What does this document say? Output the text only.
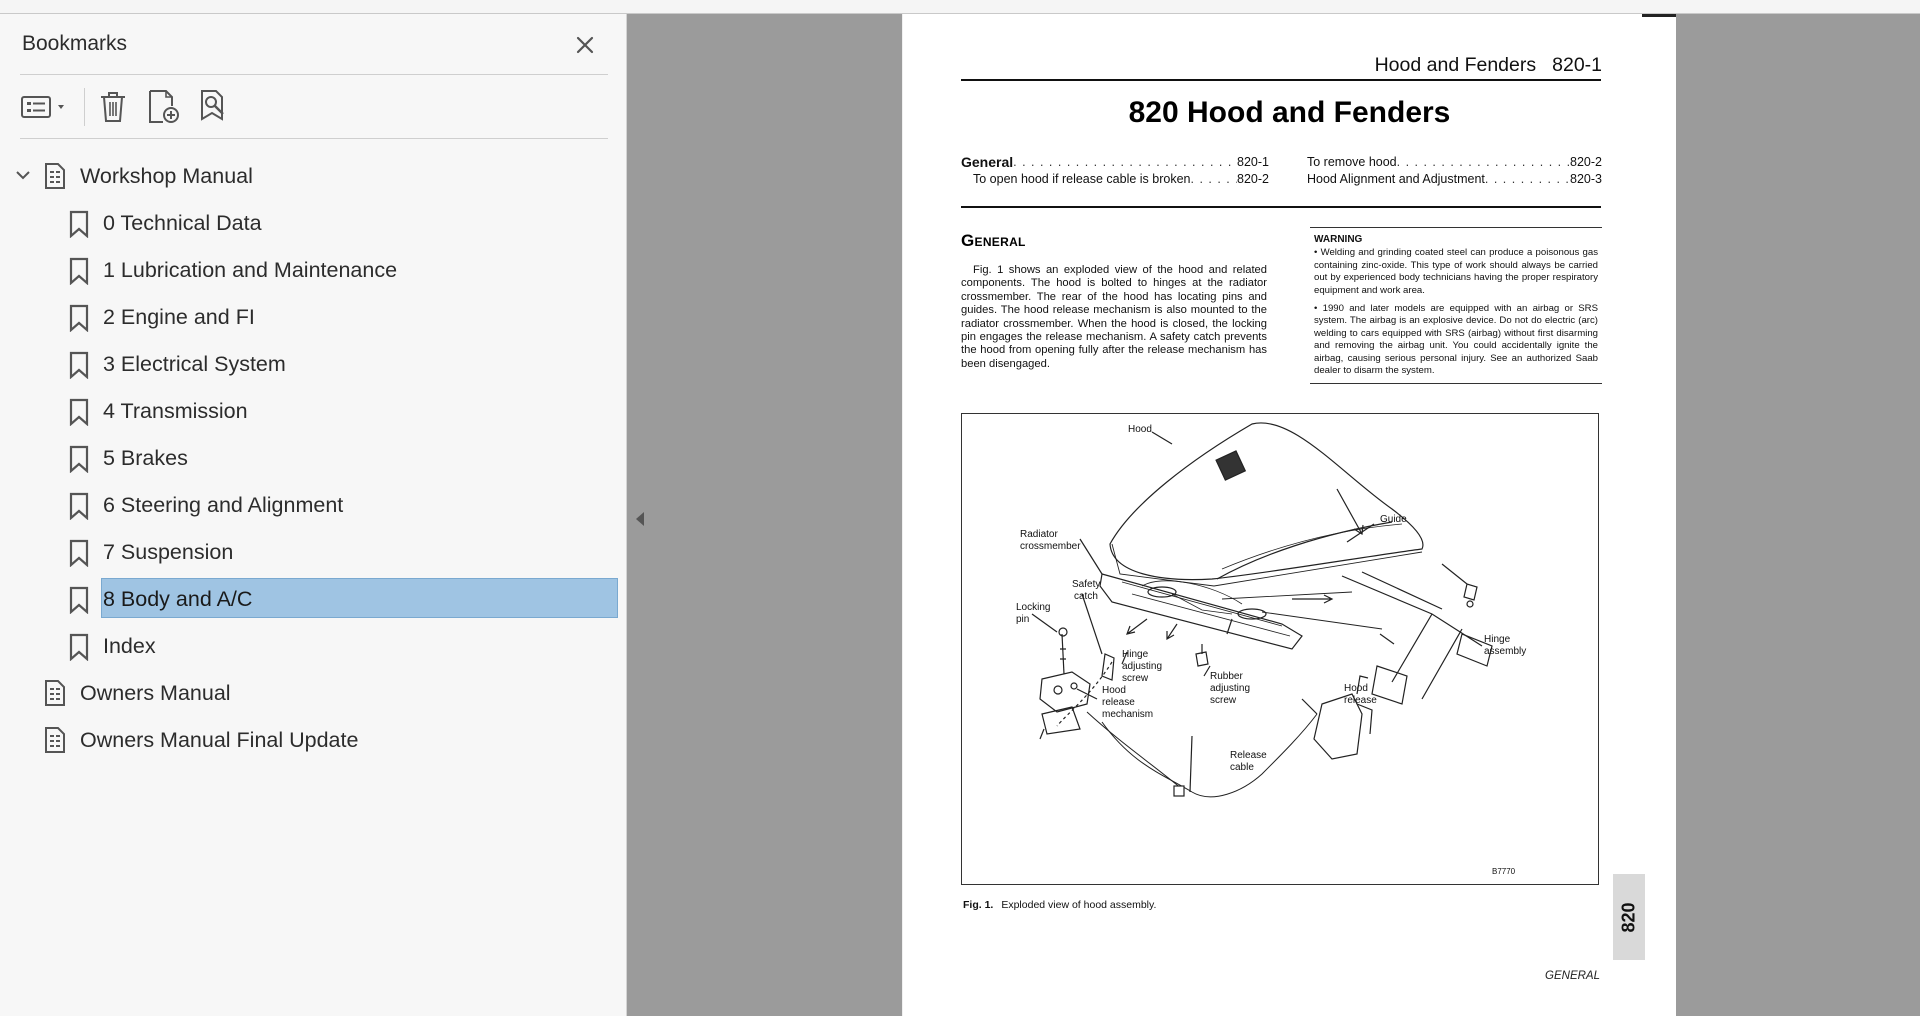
Bookmarks
Workshop Manual
0 Technical Data
1 Lubrication and Maintenance
2 Engine and FI
3 Electrical System
4 Transmission
5 Brakes
6 Steering and Alignment
7 Suspension
8 Body and A/C
Index
Owners Manual
Owners Manual Final Update
Hood and Fenders 820-1
820 Hood and Fenders
General . . .	820-1
To open hood if release cable is broken . . .	820-2
To remove hood . . .	820-2
Hood Alignment and Adjustment . . .	820-3
General
Fig. 1 shows an exploded view of the hood and related components. The hood is bolted to hinges at the radiator crossmember. The rear of the hood has locating pins and guides. The hood release mechanism is also mounted to the radiator crossmember. When the hood is closed, the locking pin engages the release mechanism. A safety catch prevents the hood from opening fully after the release mechanism has been disengaged.
WARNING
• Welding and grinding coated steel can produce a poisonous gas containing zinc-oxide. This type of work should always be carried out by experienced body technicians having the proper respiratory equipment and work area.
• 1990 and later models are equipped with an airbag or SRS system. The airbag is an explosive device. Do not do electric (arc) welding to cars equipped with SRS (airbag) without first disarming and removing the airbag unit. You could accidentally ignite the airbag, causing serious personal injury. See an authorized Saab dealer to disarm the system.
Hood
Guide
Radiator
crossmember
Safety
catch
Locking
pin
Hinge
adjusting
screw	Rubber
adjusting
screw
Hinge
assembly
Hood
release
mechanism
Hood
release
Release
cable
B7770
Fig. 1. Exploded view of hood assembly.	820
GENERAL
